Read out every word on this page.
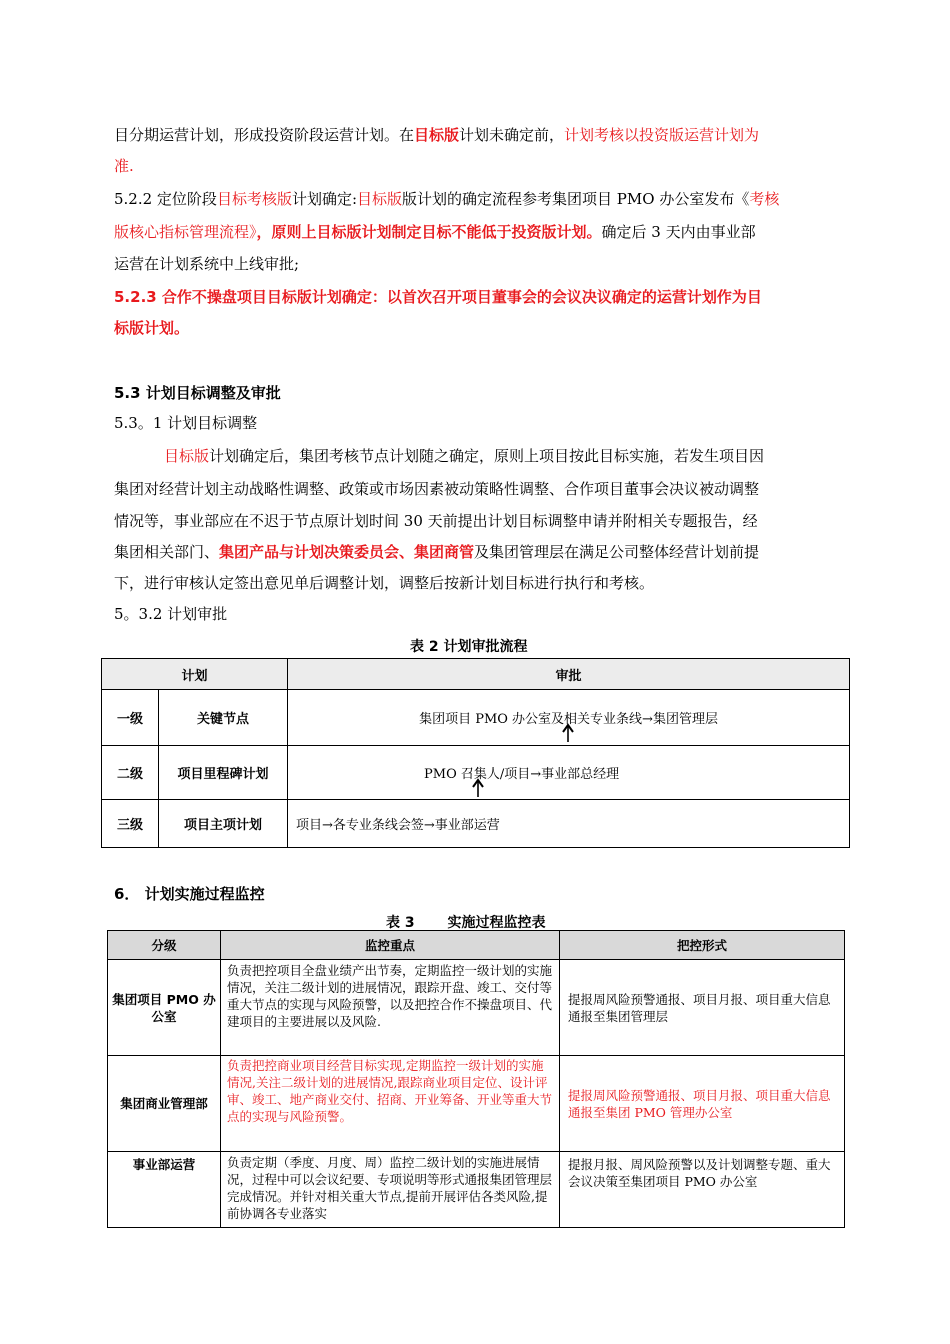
目分期运营计划，形成投资阶段运营计划。在目标版计划未确定前，计划考核以投资版运营计划为
准.
5.2.2 定位阶段目标考核版计划确定:目标版版计划的确定流程参考集团项目 PMO 办公室发布《考核
版核心指标管理流程》，原则上目标版计划制定目标不能低于投资版计划。确定后 3 天内由事业部
运营在计划系统中上线审批;
5.2.3 合作不操盘项目目标版计划确定：以首次召开项目董事会的会议决议确定的运营计划作为目
标版计划。
5.3 计划目标调整及审批
5.3。1 计划目标调整
目标版计划确定后，集团考核节点计划随之确定，原则上项目按此目标实施，若发生项目因
集团对经营计划主动战略性调整、政策或市场因素被动策略性调整、合作项目董事会决议被动调整
情况等，事业部应在不迟于节点原计划时间 30 天前提出计划目标调整申请并附相关专题报告，经
集团相关部门、集团产品与计划决策委员会、集团商管及集团管理层在满足公司整体经营计划前提
下，进行审核认定签出意见单后调整计划，调整后按新计划目标进行执行和考核。
5。3.2 计划审批
表 2 计划审批流程
计划		审批
一级	关键节点	集团项目 PMO 办公室及相关专业条线→集团管理层
二级	项目里程碑计划	PMO 召集人/项目→事业部总经理
三级	项目主项计划	项目→各专业条线会签→事业部运营
6． 计划实施过程监控
表 3　　 实施过程监控表
分级	监控重点	把控形式
集团项目 PMO 办公室	负责把控项目全盘业绩产出节奏，定期监控一级计划的实施情况，关注二级计划的进展情况，跟踪开盘、竣工、交付等重大节点的实现与风险预警，以及把控合作不操盘项目、代建项目的主要进展以及风险.	提报周风险预警通报、项目月报、项目重大信息通报至集团管理层
集团商业管理部	负责把控商业项目经营目标实现,定期监控一级计划的实施情况,关注二级计划的进展情况,跟踪商业项目定位、设计评审、竣工、地产商业交付、招商、开业筹备、开业等重大节点的实现与风险预警。	提报周风险预警通报、项目月报、项目重大信息通报至集团 PMO 管理办公室
事业部运营	负责定期（季度、月度、周）监控二级计划的实施进展情况，过程中可以会议纪要、专项说明等形式通报集团管理层完成情况。并针对相关重大节点,提前开展评估各类风险,提前协调各专业落实	提报月报、周风险预警以及计划调整专题、重大会议决策至集团项目 PMO 办公室
